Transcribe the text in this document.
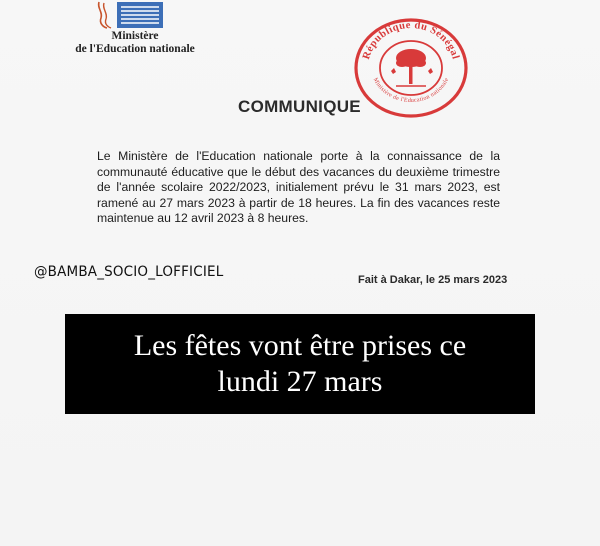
Ministère
de l'Education nationale
République du Sénégal
Ministère de l'Education nationale
COMMUNIQUE
Le Ministère de l'Education nationale porte à la connaissance de la communauté éducative que le début des vacances du deuxième trimestre de l'année scolaire 2022/2023, initialement prévu le 31 mars 2023, est ramené au 27 mars 2023 à partir de 18 heures. La fin des vacances reste maintenue au 12 avril 2023 à 8 heures.
@BAMBA_SOCIO_LOFFICIEL	Fait à Dakar, le 25 mars 2023
Les fêtes vont être prises ce
lundi 27 mars
